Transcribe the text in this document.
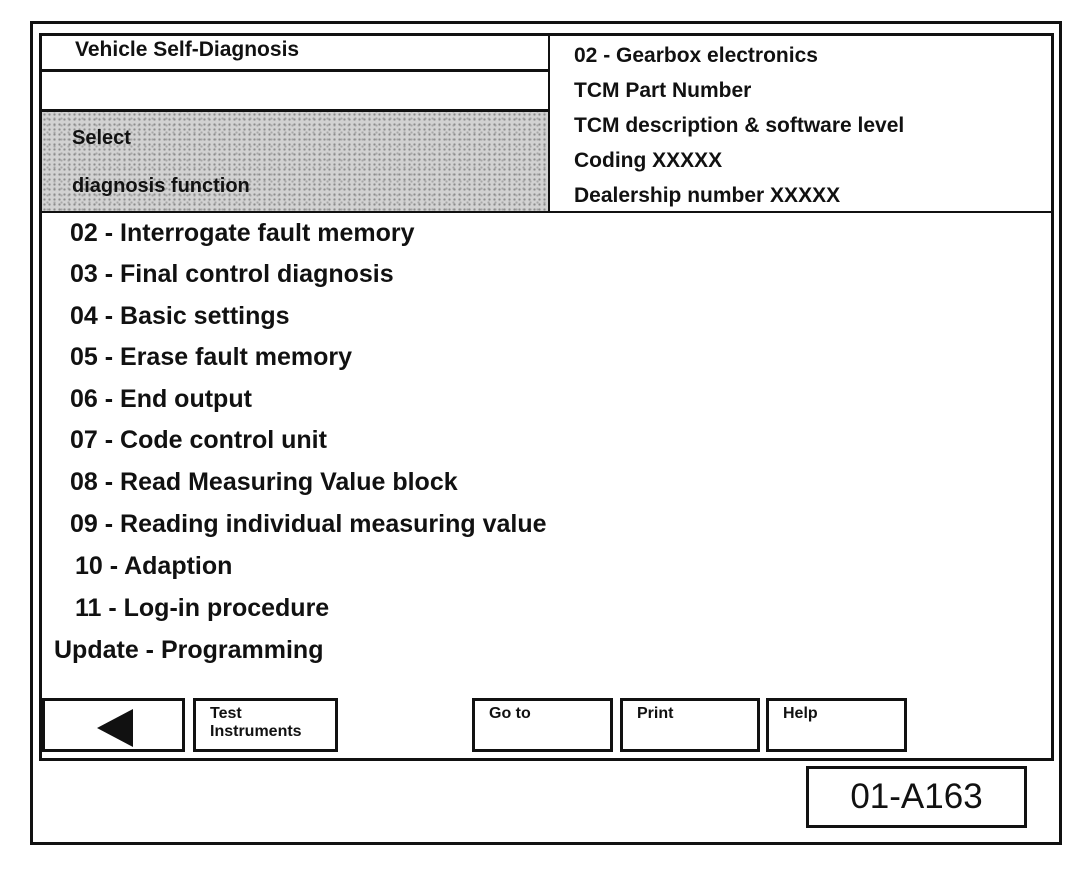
Vehicle Self-Diagnosis
Select
diagnosis function
02 - Gearbox electronics
TCM Part Number
TCM description & software level
Coding XXXXX
Dealership number XXXXX
02 - Interrogate fault memory
03 - Final control diagnosis
04 - Basic settings
05 - Erase fault memory
06 - End output
07 - Code control unit
08 - Read Measuring Value block
09 - Reading individual measuring value
10 - Adaption
11 - Log-in procedure
Update - Programming
Test
Instruments
Go to	Print	Help
01-A163
